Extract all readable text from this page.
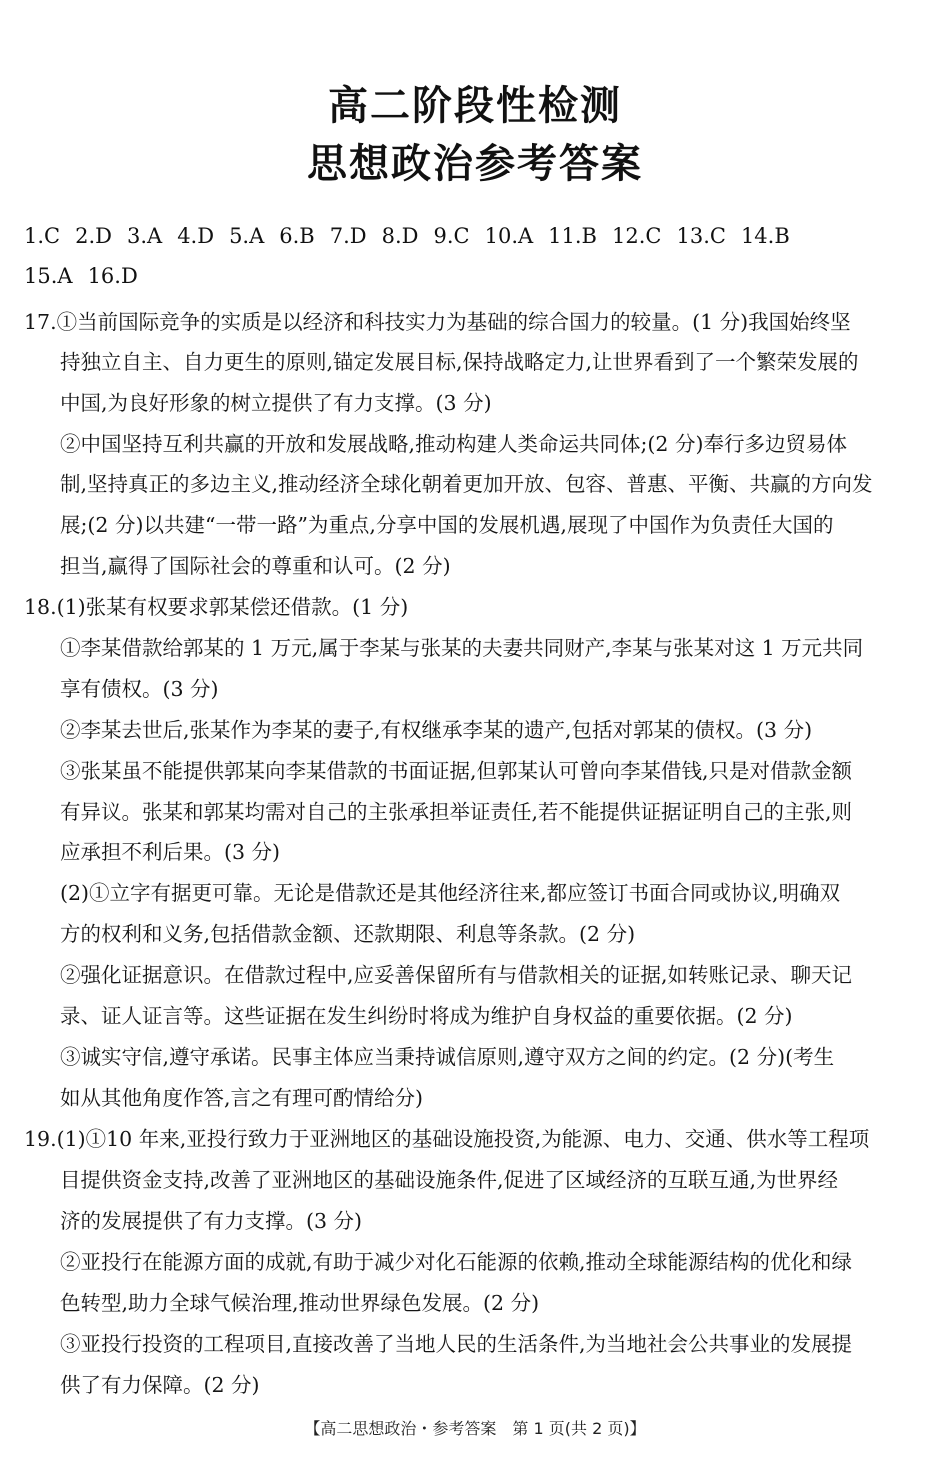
高二阶段性检测
思想政治参考答案
1.C 2.D 3.A 4.D 5.A 6.B 7.D 8.D 9.C 10.A 11.B 12.C 13.C 14.B
15.A 16.D
17.①当前国际竞争的实质是以经济和科技实力为基础的综合国力的较量。(1 分)我国始终坚
持独立自主、自力更生的原则,锚定发展目标,保持战略定力,让世界看到了一个繁荣发展的
中国,为良好形象的树立提供了有力支撑。(3 分)
②中国坚持互利共赢的开放和发展战略,推动构建人类命运共同体;(2 分)奉行多边贸易体
制,坚持真正的多边主义,推动经济全球化朝着更加开放、包容、普惠、平衡、共赢的方向发
展;(2 分)以共建“一带一路”为重点,分享中国的发展机遇,展现了中国作为负责任大国的
担当,赢得了国际社会的尊重和认可。(2 分)
18.(1)张某有权要求郭某偿还借款。(1 分)
①李某借款给郭某的 1 万元,属于李某与张某的夫妻共同财产,李某与张某对这 1 万元共同
享有债权。(3 分)
②李某去世后,张某作为李某的妻子,有权继承李某的遗产,包括对郭某的债权。(3 分)
③张某虽不能提供郭某向李某借款的书面证据,但郭某认可曾向李某借钱,只是对借款金额
有异议。张某和郭某均需对自己的主张承担举证责任,若不能提供证据证明自己的主张,则
应承担不利后果。(3 分)
(2)①立字有据更可靠。无论是借款还是其他经济往来,都应签订书面合同或协议,明确双
方的权利和义务,包括借款金额、还款期限、利息等条款。(2 分)
②强化证据意识。在借款过程中,应妥善保留所有与借款相关的证据,如转账记录、聊天记
录、证人证言等。这些证据在发生纠纷时将成为维护自身权益的重要依据。(2 分)
③诚实守信,遵守承诺。民事主体应当秉持诚信原则,遵守双方之间的约定。(2 分)(考生
如从其他角度作答,言之有理可酌情给分)
19.(1)①10 年来,亚投行致力于亚洲地区的基础设施投资,为能源、电力、交通、供水等工程项
目提供资金支持,改善了亚洲地区的基础设施条件,促进了区域经济的互联互通,为世界经
济的发展提供了有力支撑。(3 分)
②亚投行在能源方面的成就,有助于减少对化石能源的依赖,推动全球能源结构的优化和绿
色转型,助力全球气候治理,推动世界绿色发展。(2 分)
③亚投行投资的工程项目,直接改善了当地人民的生活条件,为当地社会公共事业的发展提
供了有力保障。(2 分)
【高二思想政治・参考答案　第 1 页(共 2 页)】
